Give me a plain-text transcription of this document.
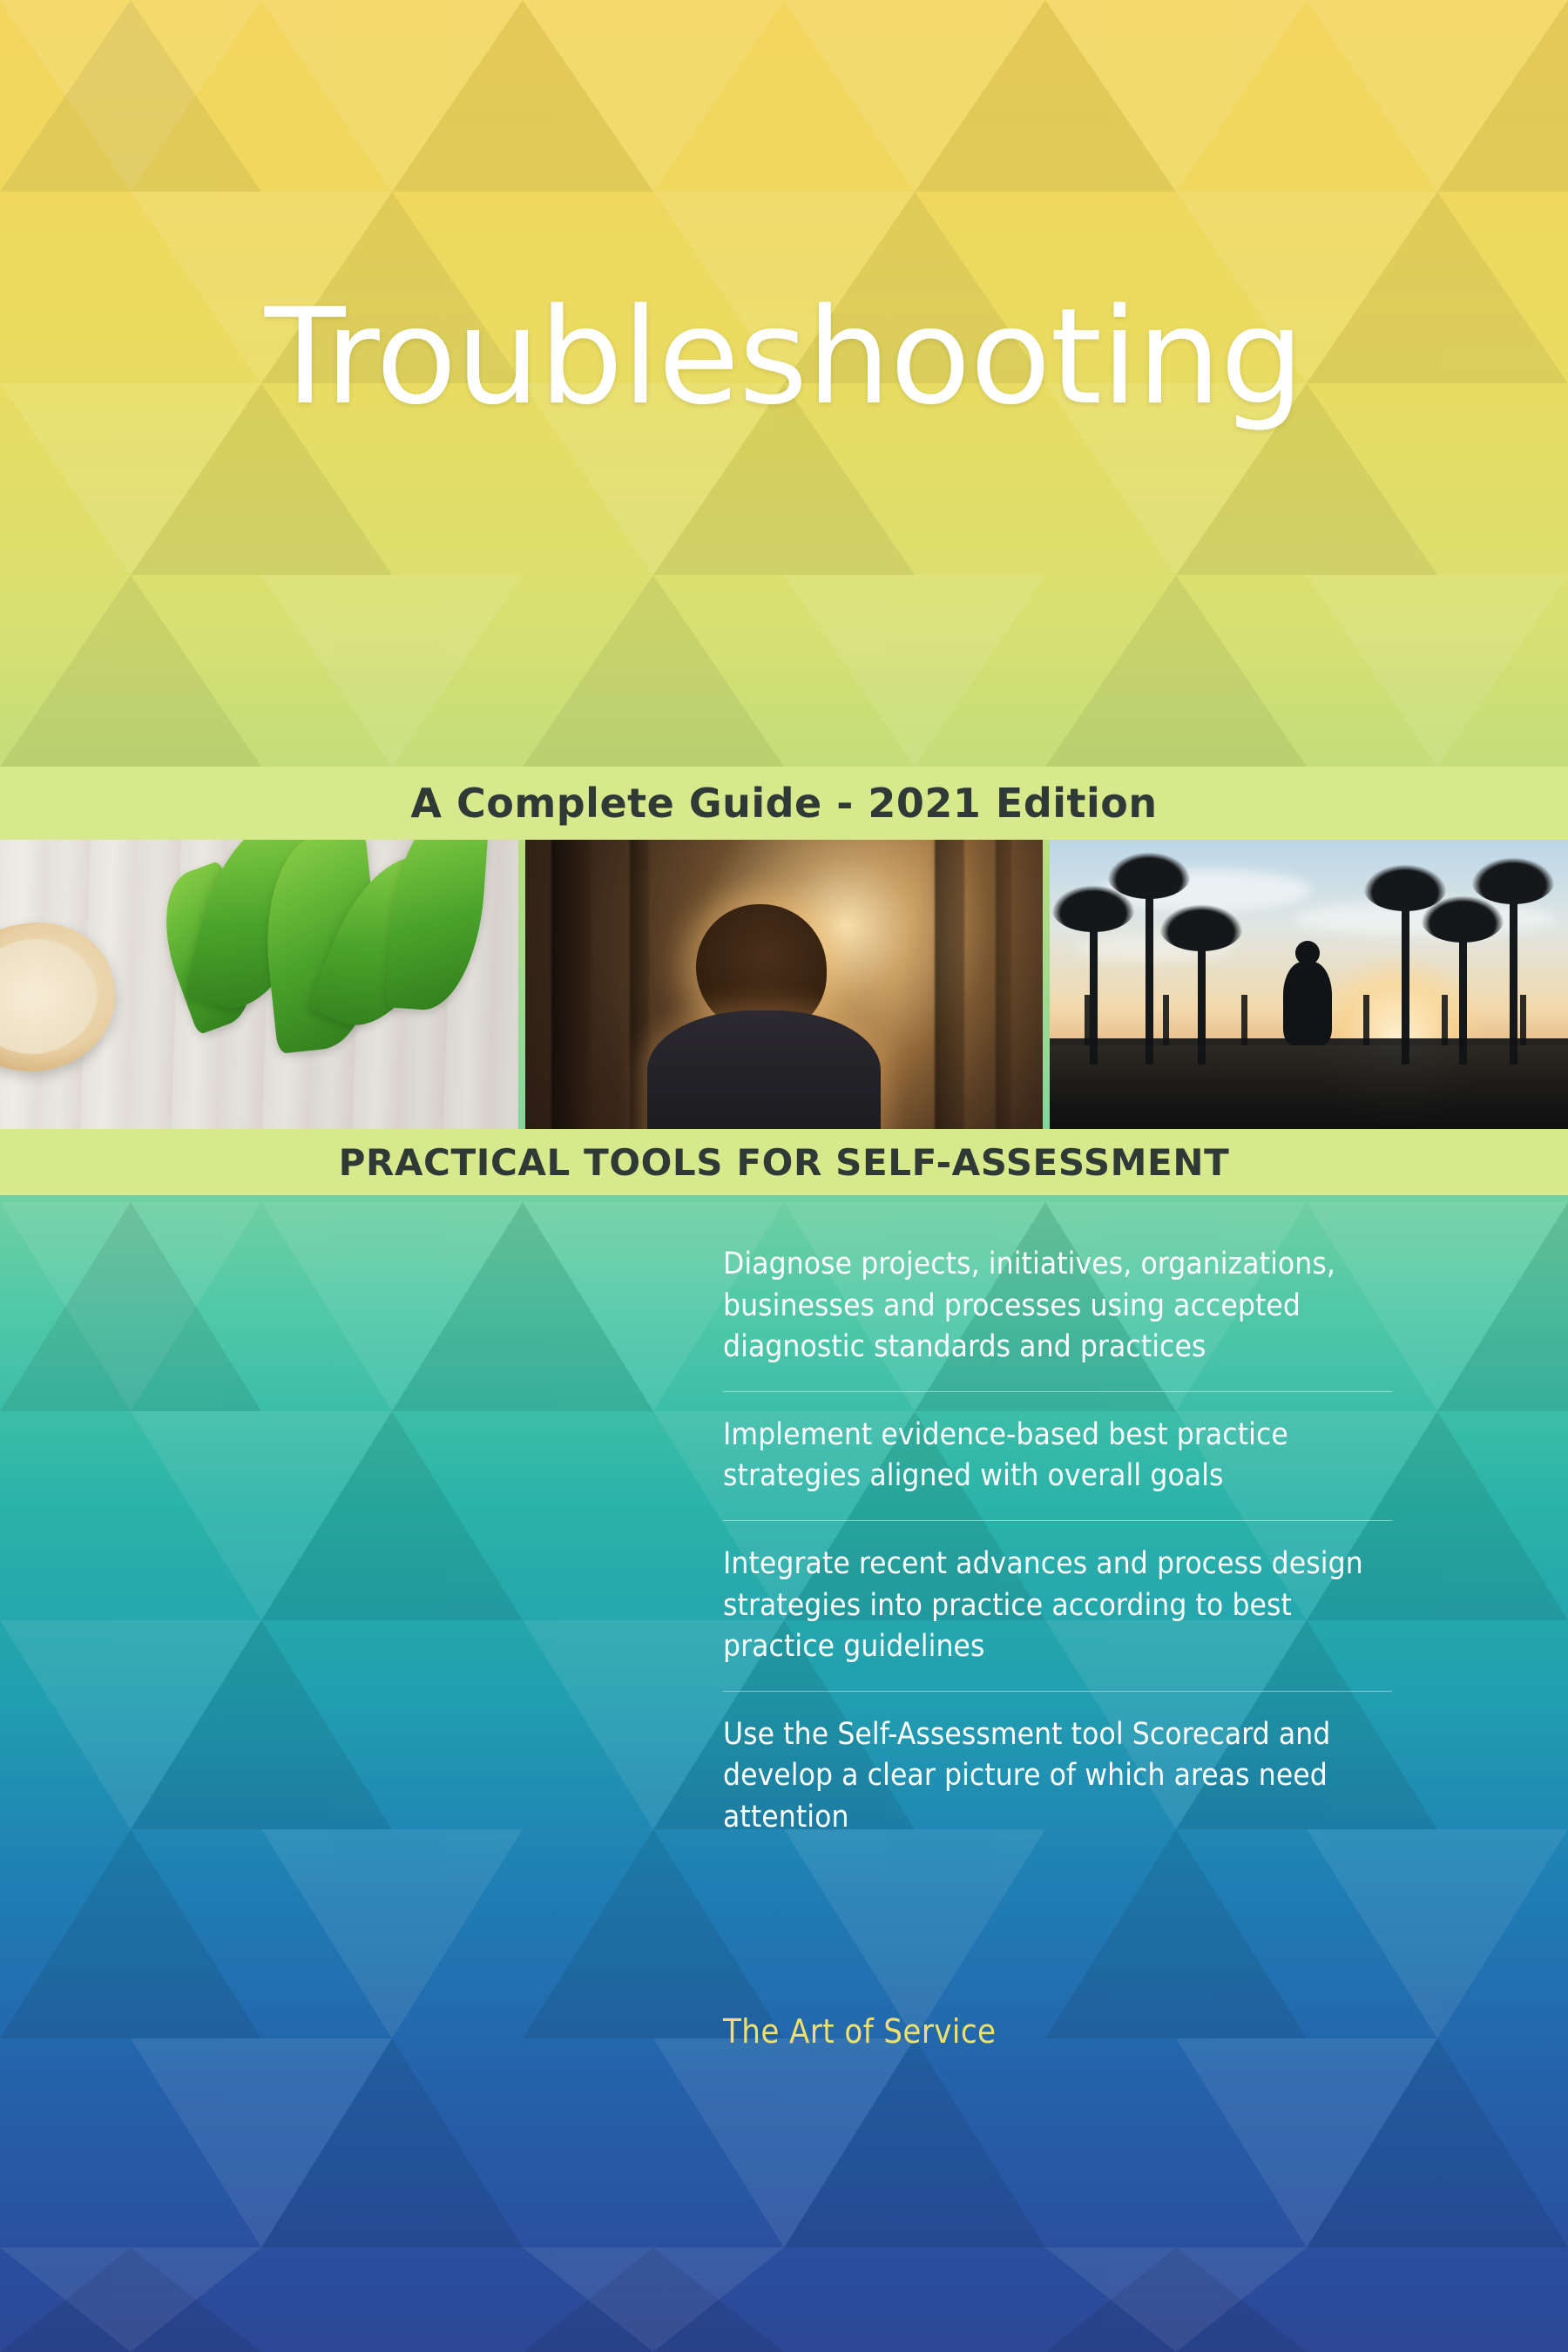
Troubleshooting
A Complete Guide - 2021 Edition
PRACTICAL TOOLS FOR SELF-ASSESSMENT
Diagnose projects, initiatives, organizations, businesses and processes using accepted diagnostic standards and practices
Implement evidence-based best practice strategies aligned with overall goals
Integrate recent advances and process design strategies into practice according to best practice guidelines
Use the Self-Assessment tool Scorecard and develop a clear picture of which areas need attention
The Art of Service
